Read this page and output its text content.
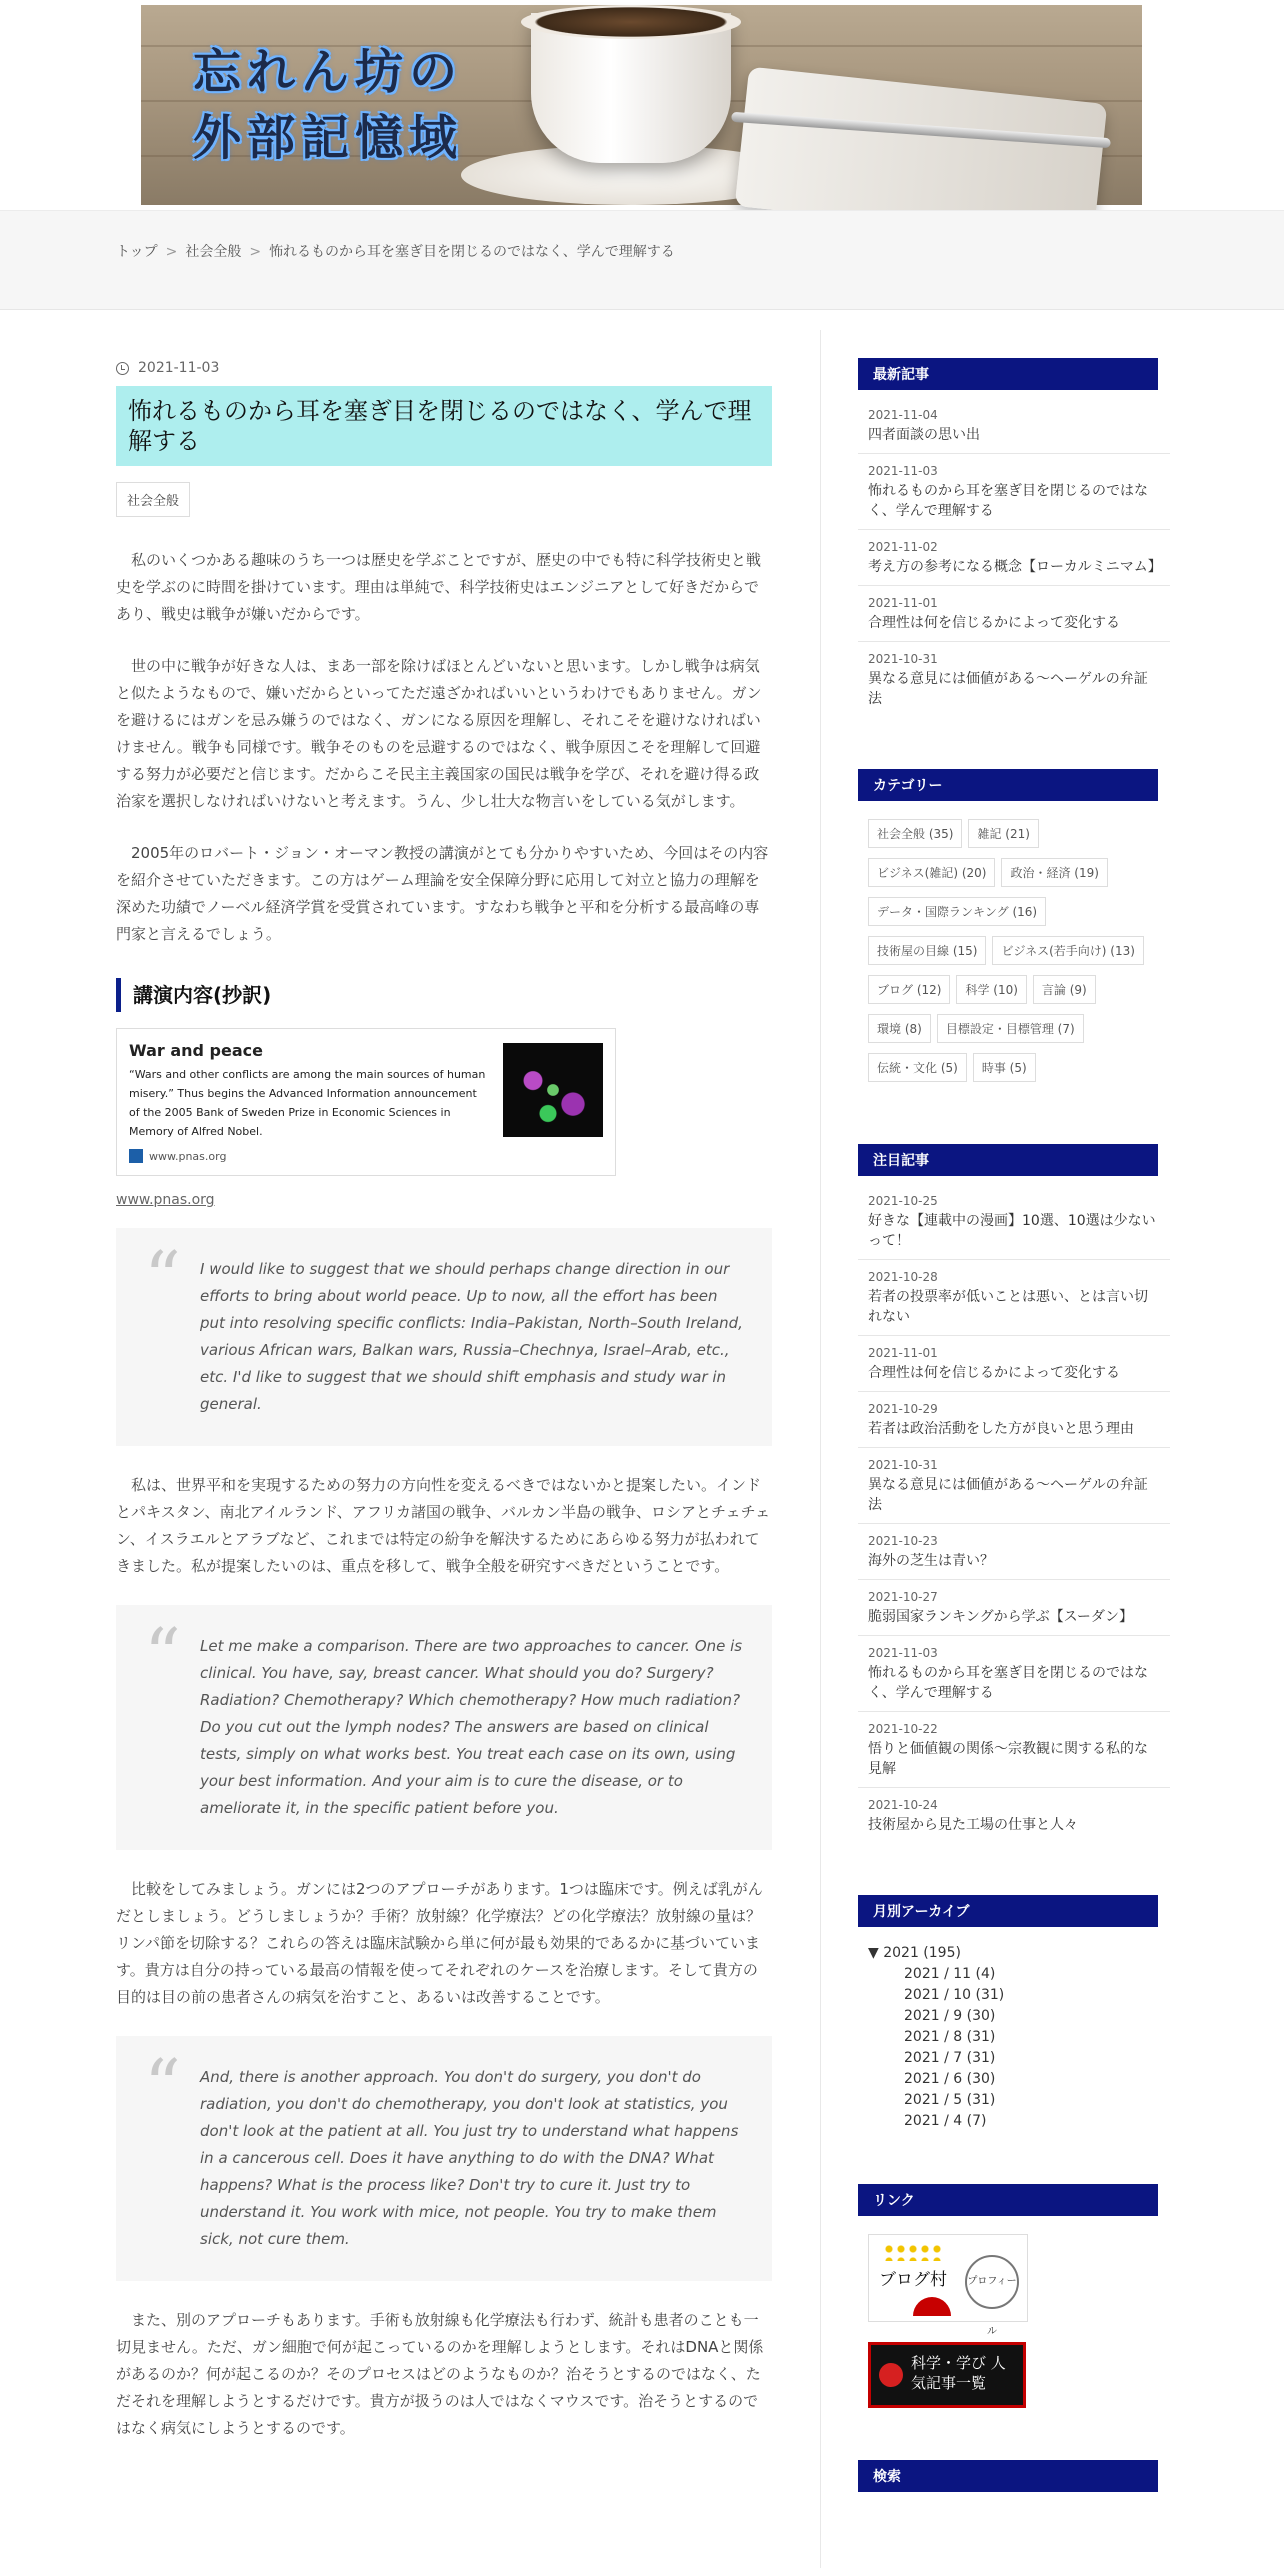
忘れん坊の
外部記憶域
トップ > 社会全般 > 怖れるものから耳を塞ぎ目を閉じるのではなく、学んで理解する
2021-11-03
怖れるものから耳を塞ぎ目を閉じるのではなく、学んで理解する
社会全般

私のいくつかある趣味のうち一つは歴史を学ぶことですが、歴史の中でも特に科学技術史と戦史を学ぶのに時間を掛けています。理由は単純で、科学技術史はエンジニアとして好きだからであり、戦史は戦争が嫌いだからです。

世の中に戦争が好きな人は、まあ一部を除けばほとんどいないと思います。しかし戦争は病気と似たようなもので、嫌いだからといってただ遠ざかればいいというわけでもありません。ガンを避けるにはガンを忌み嫌うのではなく、ガンになる原因を理解し、それこそを避けなければいけません。戦争も同様です。戦争そのものを忌避するのではなく、戦争原因こそを理解して回避する努力が必要だと信じます。だからこそ民主主義国家の国民は戦争を学び、それを避け得る政治家を選択しなければいけないと考えます。うん、少し壮大な物言いをしている気がします。

2005年のロバート・ジョン・オーマン教授の講演がとても分かりやすいため、今回はその内容を紹介させていただきます。この方はゲーム理論を安全保障分野に応用して対立と協力の理解を深めた功績でノーベル経済学賞を受賞されています。すなわち戦争と平和を分析する最高峰の専門家と言えるでしょう。

講演内容(抄訳)
War and peace
“Wars and other conflicts are among the main sources of human misery.” Thus begins the Advanced Information announcement of the 2005 Bank of Sweden Prize in Economic Sciences in Memory of Alfred Nobel.
www.pnas.org
www.pnas.org

“ I would like to suggest that we should perhaps change direction in our efforts to bring about world peace. Up to now, all the effort has been put into resolving specific conflicts: India–Pakistan, North–South Ireland, various African wars, Balkan wars, Russia–Chechnya, Israel–Arab, etc., etc. I'd like to suggest that we should shift emphasis and study war in general.

私は、世界平和を実現するための努力の方向性を変えるべきではないかと提案したい。インドとパキスタン、南北アイルランド、アフリカ諸国の戦争、バルカン半島の戦争、ロシアとチェチェン、イスラエルとアラブなど、これまでは特定の紛争を解決するためにあらゆる努力が払われてきました。私が提案したいのは、重点を移して、戦争全般を研究すべきだということです。

“ Let me make a comparison. There are two approaches to cancer. One is clinical. You have, say, breast cancer. What should you do? Surgery? Radiation? Chemotherapy? Which chemotherapy? How much radiation? Do you cut out the lymph nodes? The answers are based on clinical tests, simply on what works best. You treat each case on its own, using your best information. And your aim is to cure the disease, or to ameliorate it, in the specific patient before you.

比較をしてみましょう。ガンには2つのアプローチがあります。1つは臨床です。例えば乳がんだとしましょう。どうしましょうか？手術？放射線？化学療法？どの化学療法？放射線の量は？リンパ節を切除する？これらの答えは臨床試験から単に何が最も効果的であるかに基づいています。貴方は自分の持っている最高の情報を使ってそれぞれのケースを治療します。そして貴方の目的は目の前の患者さんの病気を治すこと、あるいは改善することです。

“ And, there is another approach. You don't do surgery, you don't do radiation, you don't do chemotherapy, you don't look at statistics, you don't look at the patient at all. You just try to understand what happens in a cancerous cell. Does it have anything to do with the DNA? What happens? What is the process like? Don't try to cure it. Just try to understand it. You work with mice, not people. You try to make them sick, not cure them.

また、別のアプローチもあります。手術も放射線も化学療法も行わず、統計も患者のことも一切見ません。ただ、ガン細胞で何が起こっているのかを理解しようとします。それはDNAと関係があるのか？何が起こるのか？そのプロセスはどのようなものか？治そうとするのではなく、ただそれを理解しようとするだけです。貴方が扱うのは人ではなくマウスです。治そうとするのではなく病気にしようとするのです。

最新記事
2021-11-04
四者面談の思い出
2021-11-03
怖れるものから耳を塞ぎ目を閉じるのではなく、学んで理解する
2021-11-02
考え方の参考になる概念【ローカルミニマム】
2021-11-01
合理性は何を信じるかによって変化する
2021-10-31
異なる意見には価値がある～ヘーゲルの弁証法
カテゴリー
社会全般 (35)	雑記 (21)
ビジネス(雑記) (20)	政治・経済 (19)
データ・国際ランキング (16)
技術屋の目線 (15)	ビジネス(若手向け) (13)
ブログ (12)	科学 (10)	言論 (9)
環境 (8)	目標設定・目標管理 (7)
伝統・文化 (5)	時事 (5)
注目記事
2021-10-25
好きな【連載中の漫画】10選、10選は少ないって！
2021-10-28
若者の投票率が低いことは悪い、とは言い切れない
2021-11-01
合理性は何を信じるかによって変化する
2021-10-29
若者は政治活動をした方が良いと思う理由
2021-10-31
異なる意見には価値がある～ヘーゲルの弁証法
2021-10-23
海外の芝生は青い？
2021-10-27
脆弱国家ランキングから学ぶ【スーダン】
2021-11-03
怖れるものから耳を塞ぎ目を閉じるのではなく、学んで理解する
2021-10-22
悟りと価値観の関係～宗教観に関する私的な見解
2021-10-24
技術屋から見た工場の仕事と人々
月別アーカイブ
▼ 2021 (195)
2021 / 11 (4)
2021 / 10 (31)
2021 / 9 (30)
2021 / 8 (31)
2021 / 7 (31)
2021 / 6 (30)
2021 / 5 (31)
2021 / 4 (7)
リンク
ブログ村 プロフィール
科学・学び 人気記事一覧
検索
